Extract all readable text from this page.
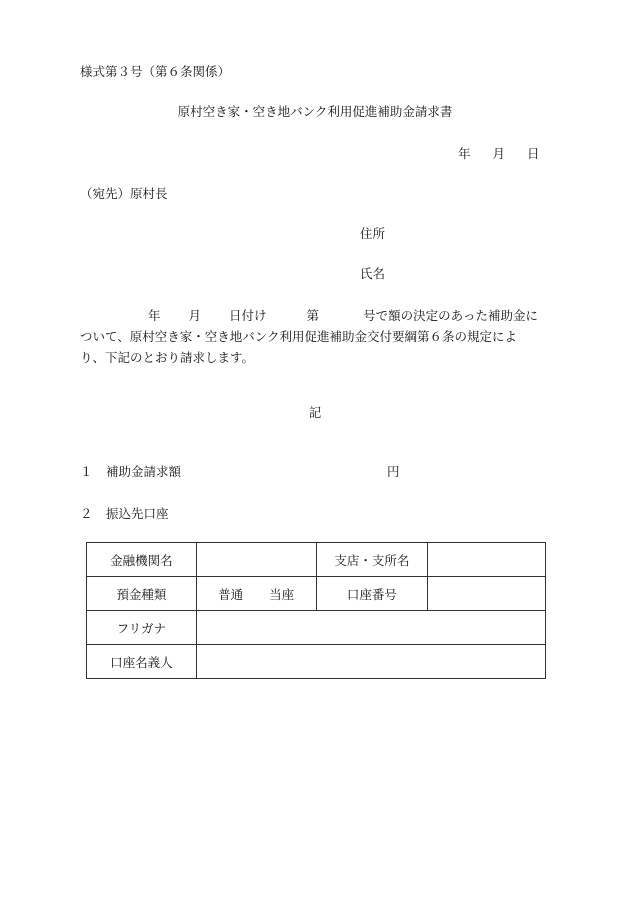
様式第３号（第６条関係）
原村空き家・空き地バンク利用促進補助金請求書
年 月 日
（宛先）原村長
住所
氏名
年 月 日付け	第	号で額の決定のあった補助金に
ついて、原村空き家・空き地バンク利用促進補助金交付要綱第６条の規定によ
り、下記のとおり請求します。
記
１ 補助金請求額	円
２ 振込先口座
金融機関名		支店・支所名	
預金種類	普通 当座	口座番号	
フリガナ			
口座名義人			
